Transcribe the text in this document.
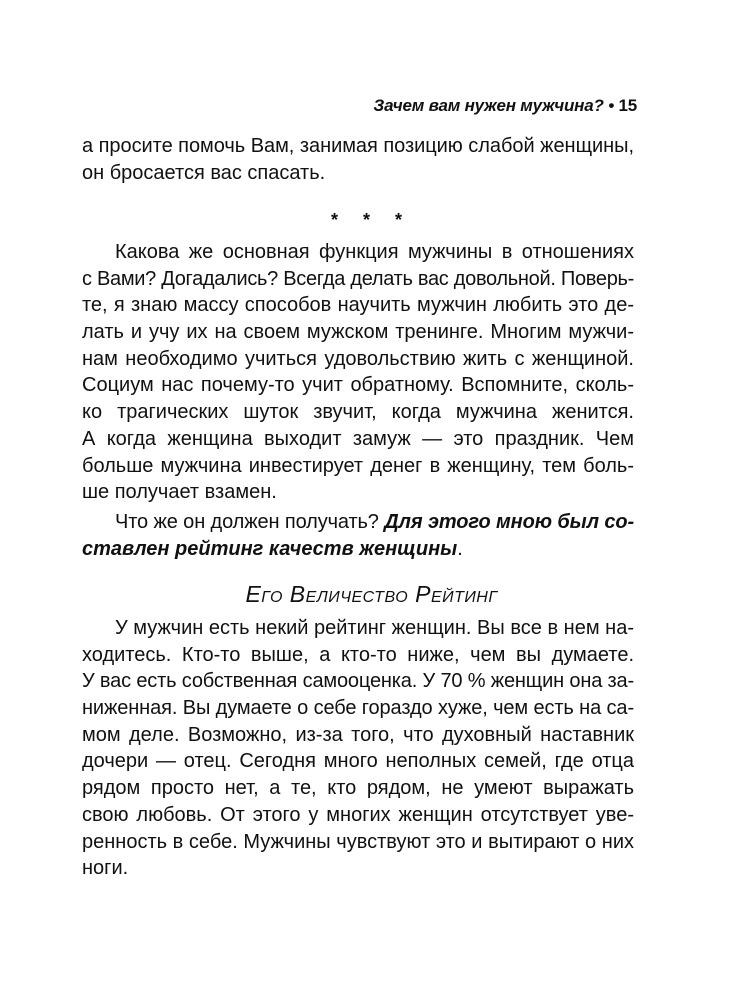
Зачем вам нужен мужчина? • 15
а просите помочь Вам, занимая позицию слабой женщины,
он бросается вас спасать.
* * *
Какова же основная функция мужчины в отношениях
с Вами? Догадались? Всегда делать вас довольной. Поверь-
те, я знаю массу способов научить мужчин любить это де-
лать и учу их на своем мужском тренинге. Многим мужчи-
нам необходимо учиться удовольствию жить с женщиной.
Социум нас почему-то учит обратному. Вспомните, сколь-
ко трагических шуток звучит, когда мужчина женится.
А когда женщина выходит замуж — это праздник. Чем
больше мужчина инвестирует денег в женщину, тем боль-
ше получает взамен.
Что же он должен получать? Для этого мною был со-
ставлен рейтинг качеств женщины.
Его Величество Рейтинг
У мужчин есть некий рейтинг женщин. Вы все в нем на-
ходитесь. Кто-то выше, а кто-то ниже, чем вы думаете.
У вас есть собственная самооценка. У 70 % женщин она за-
ниженная. Вы думаете о себе гораздо хуже, чем есть на са-
мом деле. Возможно, из-за того, что духовный наставник
дочери — отец. Сегодня много неполных семей, где отца
рядом просто нет, а те, кто рядом, не умеют выражать
свою любовь. От этого у многих женщин отсутствует уве-
ренность в себе. Мужчины чувствуют это и вытирают о них
ноги.
